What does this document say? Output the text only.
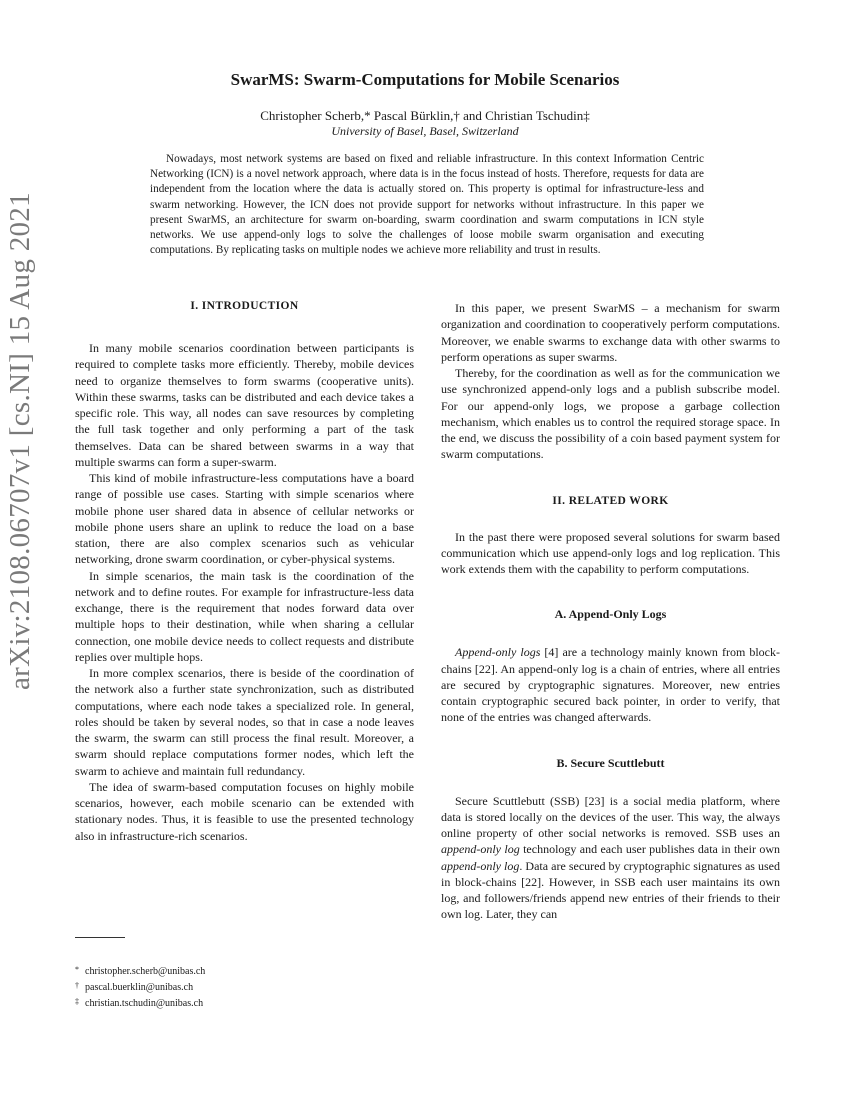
arXiv:2108.06707v1 [cs.NI] 15 Aug 2021
SwarMS: Swarm-Computations for Mobile Scenarios
Christopher Scherb,* Pascal Bürklin,† and Christian Tschudin‡
University of Basel, Basel, Switzerland

Nowadays, most network systems are based on fixed and reliable infrastructure. In this context Information Centric Networking (ICN) is a novel network approach, where data is in the focus instead of hosts. Therefore, requests for data are independent from the location where the data is actually stored on. This property is optimal for infrastructure-less and swarm networking. However, the ICN does not provide support for networks without infrastructure. In this paper we present SwarMS, an architecture for swarm on-boarding, swarm coordination and swarm computations in ICN style networks. We use append-only logs to solve the challenges of loose mobile swarm organisation and executing computations. By replicating tasks on multiple nodes we achieve more reliability and trust in results.

I. INTRODUCTION

In many mobile scenarios coordination between participants is required to complete tasks more efficiently. Thereby, mobile devices need to organize themselves to form swarms (cooperative units). Within these swarms, tasks can be distributed and each device takes a specific role. This way, all nodes can save resources by completing the full task together and only performing a part of the task themselves. Data can be shared between swarms in a way that multiple swarms can form a super-swarm.

This kind of mobile infrastructure-less computations have a board range of possible use cases. Starting with simple scenarios where mobile phone user shared data in absence of cellular networks or mobile phone users share an uplink to reduce the load on a base station, there are also complex scenarios such as vehicular networking, drone swarm coordination, or cyber-physical systems.

In simple scenarios, the main task is the coordination of the network and to define routes. For example for infrastructure-less data exchange, there is the requirement that nodes forward data over multiple hops to their destination, while when sharing a cellular connection, one mobile device needs to collect requests and distribute replies over multiple hops.

In more complex scenarios, there is beside of the coordination of the network also a further state synchronization, such as distributed computations, where each node takes a specialized role. In general, roles should be taken by several nodes, so that in case a node leaves the swarm, the swarm can still process the final result. Moreover, a swarm should replace computations former nodes, which left the swarm to achieve and maintain full redundancy.

The idea of swarm-based computation focuses on highly mobile scenarios, however, each mobile scenario can be extended with stationary nodes. Thus, it is feasible to use the presented technology also in infrastructure-rich scenarios.

In this paper, we present SwarMS – a mechanism for swarm organization and coordination to cooperatively perform computations. Moreover, we enable swarms to exchange data with other swarms to perform operations as super swarms.

Thereby, for the coordination as well as for the communication we use synchronized append-only logs and a publish subscribe model. For our append-only logs, we propose a garbage collection mechanism, which enables us to control the required storage space. In the end, we discuss the possibility of a coin based payment system for swarm computations.

II. RELATED WORK

In the past there were proposed several solutions for swarm based communication which use append-only logs and log replication. This work extends them with the capability to perform computations.

A. Append-Only Logs

Append-only logs [4] are a technology mainly known from block-chains [22]. An append-only log is a chain of entries, where all entries are secured by cryptographic signatures. Moreover, new entries contain cryptographic secured back pointer, in order to verify, that none of the entries was changed afterwards.

B. Secure Scuttlebutt

Secure Scuttlebutt (SSB) [23] is a social media platform, where data is stored locally on the devices of the user. This way, the always online property of other social networks is removed. SSB uses an append-only log technology and each user publishes data in their own append-only log. Data are secured by cryptographic signatures as used in block-chains [22]. However, in SSB each user maintains its own log, and followers/friends append new entries of their friends to their own log. Later, they can

* christopher.scherb@unibas.ch
† pascal.buerklin@unibas.ch
‡ christian.tschudin@unibas.ch
